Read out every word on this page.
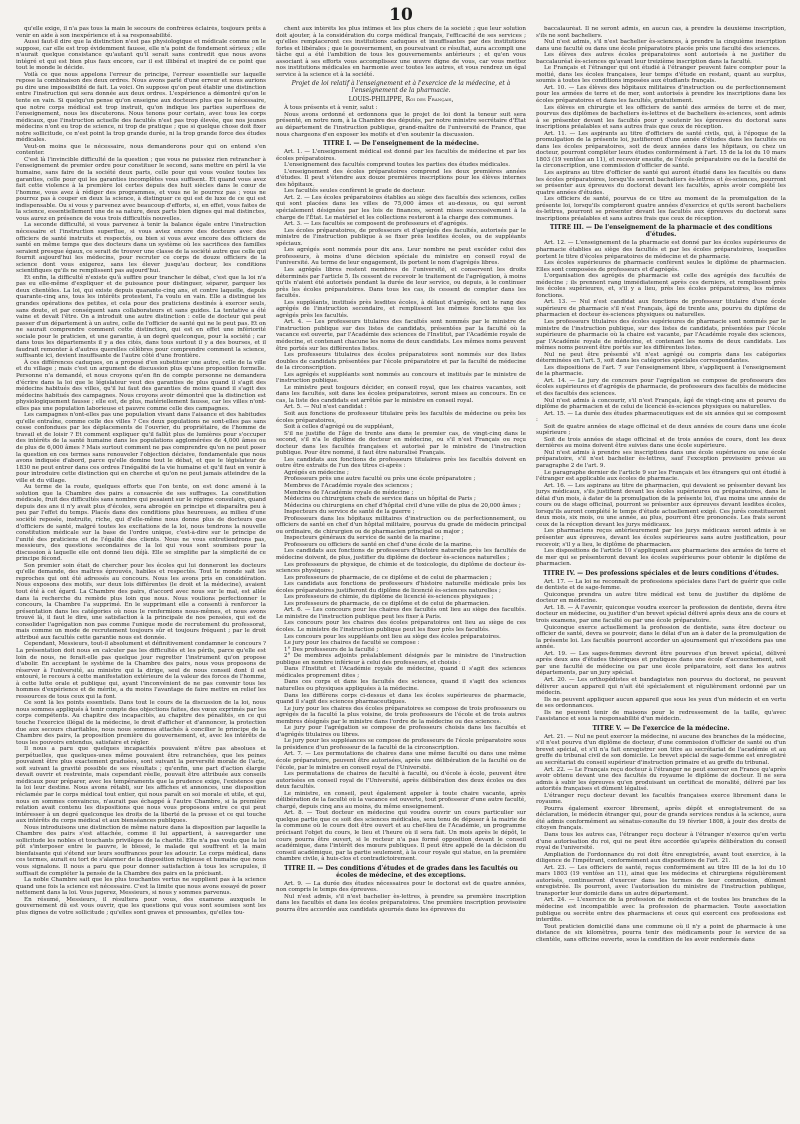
10

qu'elle exige, il n'a pas tous la main le secours de confrères éclairés, toujours prêts à venir en aide à son inexpérience et à sa responsabilité.

Aussi faut-il dire que la distinction n'est pas physiologique et médicale comme on le suppose, car elle est trop évidemment fausse, elle n'a point de fondement sérieux ; elle n'aurait quelque consistance qu'autant qu'il serait sans contredit que nous avons intégré et qui est bien plus faux encore, car il est illibéral et inspiré de ce point que tout le monde le décide.

Voilà ce que nous appelons l'erreur de principe, l'erreur essentielle sur laquelle repose la combinaison des deux ordres. Nous avons parlé d'une erreur et nous aurions pu dire une impossibilité de fait. La voici. On suppose qu'on peut établir une distinction entre l'instruction qui sera donnée aux deux ordres. L'expérience a démontré qu'on le tente en vain. Si quelqu'un pense qu'on enseigne aux docteurs plus que le nécessaire, que notre corps médical est trop instruit, qu'on indique les parties superflues de l'enseignement, nous les discuterons. Nous tenons pour certain, avec tous les corps médicaux, que l'instruction actuelle des facultés n'est pas trop élevée, que nos jeunes médecins n'ont eu trop de science, ni trop de pratique ; que si quelque chose doit fixer notre sollicitude, ce n'est point la trop grande durée, ni la trop grande force des études médicales.

Veut-on moins que le nécessaire, nous demanderons pour qui on entend s'en contenter.

C'est là l'invincible difficulté de la question ; que vous ne puissiez rien retrancher à l'enseignement de premier ordre pour constituer le second, sans mettre en péril la vie humaine, sans faire de la société deux parts, celle pour qui vous voulez toutes les garanties, celle pour qui les garanties incomplètes vous suffisent. Et quand vous avez fait cette violence à la première loi certes depuis des huit siècles dans le cœur de l'homme, vous avez à rédiger des programmes, et vous ne le pourrez pas ; vous ne pourrez pas à couper en deux la science, à distinguer ce qui est de luxe de ce qui est indispensable. Ou si vous y parvenez avec beaucoup d'efforts, si, en effet, vous faites de la science, essentiellement une de sa nature, deux parts bien dignes qui mal distinctes, vous aurez en présence de vous trois difficultés nouvelles.

La seconde difficulté, si vous parvenez à tenir la balance égale entre l'instruction nécessaire et l'instruction superflue, si vous aviez encore des docteurs avec des officiers de santé instruits et respectés, ou bien si vous avez encore des officiers de santé en même temps que des docteurs dans un système où les sacrifices des familles seraient presque égaux, ce serait de trouver une classe de la société autre que celle qui fournit aujourd'hui les médecins, pour recruter ce corps de douze officiers de la science dont vous exigerez, sans les élever jusqu'au docteur, les conditions scientifiques qu'ils ne remplissent pas aujourd'hui.

Et enfin, la difficulté n'existe qu'à suffire pour trancher le débat, c'est que la loi n'a pas eu elle-même d'expliquer et de puissance pour distinguer, séparer, parquer les deux clientèles. La loi, qui existe depuis quarante-cinq ans, et contre laquelle, depuis quarante-cinq ans, tous les intérêts protestent, l'a voulu en vain. Elle a distingué les grandes opérations des petites, et cela pour des praticiens destinés à exercer seuls, sans doute, et par conséquent sans collaborateurs et sans guides. La tentative a été vaine et devait l'être. On a introduit une autre distinction : celle de docteur qui peut passer d'un département à un autre, celle de l'officier de santé qui ne le peut pas. Et on ne saurait comprendre comment cette distinction, qui est en effet une infériorité sociale pour le praticien, et une garantie, à un degré quelconque, pour la société ; car dans tous les départements il y a des cités, dans tous surtout il y a des bourses, et il faudrait remonter à d'autres querelles célèbres pour comprendre comment la science, suffisante ici, devient insuffisante de l'autre côté d'une frontière.

À ces différences caduques, on a proposé d'en substituer une autre, celle de la ville et du village ; mais c'est un argument de discussion plus qu'une proposition formelle. Personne n'a demandé, et nous croyons qu'en fin de compte personne ne demandera d'écrire dans la loi que le législateur veut des garanties de plus quand il s'agit des médecins habitués des villes, qu'il lui faut des garanties de moins quand il s'agit des médecins habitués des campagnes. Nous croyons avoir démontré que la distinction est physiologiquement fausse ; elle est, de plus, matériellement fausse, car les villes n'ont-elles pas une population laborieuse et pauvre comme celle des campagnes.

Les campagnes n'ont-elles pas une population vivant dans l'aisance et des habitudes qu'elle entraîne, comme celle des villes ? Ces deux populations ne sont-elles pas sans cesse confondues par les déplacements de l'ouvrier, du propriétaire, de l'homme de travail et de loisir ? Et comment expliquer qu'il fallût plus de lumières pour s'occuper des intérêts de la santé humaine dans les populations agglomérées de 4,000 âmes ou de plus de 6,000 âmes ? Mais surtout comment ne pas comprendre qu'on ne peut poser la question en ces termes sans renouveler l'objection décisive, fondamentale que nous avons indiquée d'abord, parce qu'elle domine tout le débat, et que le législateur de 1830 ne peut entrer dans ces ordres l'inégalité de la vie humaine et qu'il faut en venir à pour introduire cette distinction qui en cherche et qu'on ne peut jamais atteindre de la ville et du village.

Au terme de la route, quelques efforts que l'on tente, on est donc amené à la solution que la Chambre des pairs a consacrée de ses suffrages. La constitution médicale, fruit des difficultés sans nombre qui pesaient sur le régime consulaire, quand depuis des ans il n'y avait plus d'écoles, sera abrogée en principe et disparaîtra peu à peu par l'effet du temps. Placés dans des conditions plus heureuses, au milieu d'une société reposée, instruite, riche, qui d'elle-même nous donne plus de docteurs que d'officiers de santé, malgré toutes les excitations de la loi, nous tendrons la nouvelle constitution médicale sur la base de l'ordre unique, c'est-à-dire sur le principe de l'unité des praticiens et de l'égalité des clients. Nous ne vous entretiendrons pas, messieurs, des questions secondaires de la loi qui vous sont soumises pour la discussion à laquelle elle ont donné lieu déjà. Elle se simplifie par la simplicité de ce principe fécond.

Son premier soin était de chercher pour les écoles qui lui donneront les docteurs qu'elle demande, des maîtres éprouvés, habiles et respectés. Tout le monde sait les reproches qui ont été adressés au concours. Nous les avons pris en considération. Nous exposons des motifs, sur deux lois différentes (le droit et la médecine), avaient tout été à cet égard. La Chambre des pairs, d'accord avec nous sur le mal, est allée dans la recherche du remède plus loin que nous. Nous voulions perfectionner le concours, la Chambre l'a supprimé. En le supprimant elle a consenti à renforcer la présentation dans les catégories où nous le renfermions nous-mêmes, et nous avons trouvé là, il faut le dire, une satisfaction à la principale de nos pensées, qui est de consolider l'agrégation non pas comme l'unique mode de recrutement du professorat, mais comme un mode de recrutement toujours sûr et toujours fréquent ; par le droit attribué aux facultés cette garantie nous est donnée.

Cependant, Messieurs, tout-il absolument et définitivement condamner le concours ? La présentation doit nous en calculer pas les difficultés et les périls, parce qu'elle est loin de nous, ne ferait-elle pas quelque jour regretter l'instrument qu'on propose d'abolir. En acceptant le système de la Chambre des pairs, nous vous proposons de réserver à l'université, au ministre qui la dirige, seul de nous conseil dont il est entouré, le recours à cette manifestation extérieure de la valeur des forces de l'homme, à cette lutte orale et publique qui, ayant l'inconvénient de ne pas convenir tous les hommes d'expérience et de mérite, a du moins l'avantage de faire mettre en relief les ressources de tous ceux qui la font.

Ce sont là les points essentiels. Dans tout le cours de la discussion de la loi, nous nous sommes appliqués à tenir compte des objections faites, des vœux exprimés par les corps compétents. Au chapitre des incapacités, au chapitre des pénalités, en ce qui touche l'exercice illégal de la médecine, le droit d'afficher et d'annoncer, la protection due aux secours charitables, nous nous sommes attachés à concilier le principe de la Chambre des pairs, la proposition première du gouvernement, et, avec les intérêts de tous les pouvoirs entendus, satisfaire et régler.

Il nous a paru que quelques incapacités pouvaient n'être pas absolues et perpétuelles, que quelques-unes même pouvaient être retranchées, que les peines pouvaient être plus exactement graduées, sont suivant la perversité morale de l'acte, soit suivant la gravité possible de ses résultats ; qu'enfin, une part d'action élargie devait ouvrir et restreinte, mais cependant réelle, pouvait être attribuée aux conseils médicaux pour préparer, avec les tempéraments que la prudence exige, l'existence que la loi leur destine. Nous avons rétabli, sur les affiches et annonces, une disposition réclamée par le corps médical tout entier, qui nous paraît en soi morale et utile, et qui, nous en sommes convaincus, n'aurait pas échappé à l'autre Chambre, si la première relation avait contenu les dispositions que nous vous proposons entre ce qui peut intéresser à un degré quelconque les droits de la liberté de la presse et ce qui touche aux intérêts du corps médical et aux bienséances publiques.

Nous introduisons une distinction de même nature dans la disposition par laquelle la Chambre des pairs s'est attachée, comme il lui appartient, à sauvegarder une sollicitude les nobles et touchants privilèges de la charité. Elle n'a pas voulu que la loi pût s'interposer entre le pauvre, le blessé, le malade qui souffrent et la main bienfaisante qui s'étend sur leurs souffrances pour les adoucir. Le corps médical, dans ces termes, aurait eu tort de s'alarmer de la disposition religieuse et humaine que nous vous signalons. Il nous a paru que pour donner satisfaction à tous les scrupules, il suffisait de compléter la pensée de la Chambre des pairs en la précisant.

La noble Chambre sait que les plus touchantes vertus ne supplient pas à la science quand une fois la science est nécessaire. C'est la limite que nous avons essayé de poser nettement dans la loi. Vous jugerez, Messieurs, si nous y sommes parvenus.

En résumé, Messieurs, il résultera pour vous, des examens auxquels le gouvernement dû est vous ouvrir, que les questions qui vous sont soumises sont les plus dignes de votre sollicitude ; qu'elles sont graves et pressantes, qu'elles tou-

chent aux intérêts les plus intimes et les plus chers de la société ; que leur solution doit ajouter, à la considération du corps médical français, l'efficacité de ses services ; qu'elles remplaceront ces institutions caduques et insuffisantes par des institutions fortes et libérales ; que le gouvernement, en poursuivant ce résultat, aura accompli une tâche qui a été l'ambition de tous les gouvernements antérieurs ; et qu'en vous associant à ses efforts vous accomplissez une œuvre digne de vous, car vous mettez nos institutions médicales en harmonie avec toutes les autres, et vous rendrez un égal service à la science et à la société.

Projet de loi relatif à l'enseignement et à l'exercice de la médecine, et à l'enseignement de la pharmacie.
LOUIS-PHILIPPE, Roi des Français,

À tous présents et à venir, salut :

Nous avons ordonné et ordonnons que le projet de loi dont la teneur suit sera présenté, en notre nom, à la Chambre des députés, par notre ministre secrétaire d'État au département de l'instruction publique, grand-maître de l'université de France, que nous chargeons d'en exposer les motifs et d'en soutenir la discussion.

TITRE I. — De l'enseignement de la médecine.

Art. 1. — L'enseignement médical est donné par les facultés de médecine et par les écoles préparatoires.

L'enseignement des facultés comprend toutes les parties des études médicales.

L'enseignement des écoles préparatoires comprend les deux premières années d'études. Il peut s'étendre aux douze premières inscriptions pour les élèves internes des hôpitaux.

Les facultés seules confèrent le grade de docteur.

Art. 2. — Les écoles préparatoires établies au siège des facultés des sciences, celles qui sont placées dans les villes de 75,000 âmes et au-dessus, ou qui seront spécialement désignées par les lois de finances, seront mises successivement à la charge de l'État. Le matériel et les collections resteront à la charge des communes.

Art. 3. — Les facultés se composent de professeurs et d'agrégés.

Les écoles préparatoires, de professeurs et d'agrégés des facultés, autorisés par le ministre de l'instruction publique à se fixer près lesdites écoles, ou de suppléants spéciaux.

Les agrégés sont nommés pour dix ans. Leur nombre ne peut excéder celui des professeurs, à moins d'une décision spéciale du ministre en conseil royal de l'université. Au terme de leur engagement, ils portent le nom d'agrégés libres.

Les agrégés libres restent membres de l'université, et conservent les droits déterminés par l'article 5. Ils cessent de recevoir le traitement de l'agrégation, à moins qu'ils n'aient été autorisés pendant la durée de leur service, ou depuis, à le continuer près les écoles préparatoires. Dans tous les cas, ils cessent de compter dans les facultés.

Les suppléants, institués près lesdites écoles, à défaut d'agrégés, ont le rang des agrégés de l'instruction secondaire, et remplissent les mêmes fonctions que les agrégés près les facultés.

Art. 4. — Les professeurs titulaires des facultés sont nommés par le ministre de l'instruction publique sur des listes de candidats, présentées par la faculté où la vacance est ouverte, par l'Académie des sciences de l'Institut, par l'Académie royale de médecine, et contenant chacune les noms de deux candidats. Les mêmes noms peuvent être portés sur les différentes listes.

Les professeurs titulaires des écoles préparatoires sont nommés sur des listes doubles de candidats présentées par l'école préparatoire et par la faculté de médecine de la circonscription.

Les agrégés et suppléants sont nommés au concours et institués par le ministre de l'instruction publique.

Le ministre peut toujours décider, en conseil royal, que les chaires vacantes, soit dans les facultés, soit dans les écoles préparatoires, seront mises au concours. En ce cas, la liste des candidats est arrêtée par le ministre en conseil royal.

Art. 5. — Nul n'est candidat :

Soit aux fonctions de professeur titulaire près les facultés de médecine ou près les écoles préparatoires,

Soit à celles d'agrégé ou de suppléant,

S'il ne justifie de l'âge de trente ans dans le premier cas, de vingt-cinq dans le second, s'il n'a le diplôme de docteur en médecine, ou s'il n'est Français ou reçu docteur dans les facultés françaises et autorisé par le ministre de l'instruction publique. Pour être nommé, il faut être naturalisé Français.

Les candidats aux fonctions de professeurs titulaires près les facultés doivent en outre être extraits de l'un des titres ci-après :

Agrégés en médecine ;

Professeurs près une autre faculté ou près une école préparatoire ;

Membres de l'Académie royale des sciences ;

Membres de l'Académie royale de médecine ;

Médecins ou chirurgiens chefs de service dans un hôpital de Paris ;

Médecins ou chirurgiens en chef d'hôpital civil d'une ville de plus de 20,000 âmes ;

Inspecteurs du service de santé de la guerre ;

Professeurs dans les hôpitaux militaires d'instruction ou de perfectionnement, ou officiers de santé en chef d'un hôpital militaire, pourvus du grade de médecin principal ou ordinaire, de chirurgien ou de pharmacien principal ou major ;

Inspecteurs généraux du service de santé de la marine ;

Professeurs ou officiers de santé en chef d'une école de la marine.

Les candidats aux fonctions de professeurs d'histoire naturelle près les facultés de médecine doivent, de plus, justifier du diplôme de docteur ès-sciences naturelles ;

Les professeurs de physique, de chimie et de toxicologie, du diplôme de docteur ès-sciences physiques ;

Les professeurs de pharmacie, de ce diplôme et de celui de pharmacien ;

Les candidats aux fonctions de professeurs d'histoire naturelle médicale près les écoles préparatoires justifieront du diplôme de licencié ès-sciences naturelles ;

Les professeurs de chimie, du diplôme de licencié ès-sciences physiques ;

Les professeurs de pharmacie, de ce diplôme et de celui de pharmacien.

Art. 6. — Les concours pour les chaires des facultés ont lieu au siège des facultés. Le ministre de l'instruction publique peut les fixer à Paris.

Les concours pour les chaires des écoles préparatoires ont lieu au siège de ces écoles. Le ministre de l'instruction publique peut les fixer près les facultés.

Les concours pour les suppléants ont lieu au siège des écoles préparatoires.

Le jury pour les chaires de faculté se compose :

1° Des professeurs de la faculté ;

2° De membres adjoints préalablement désignés par le ministre de l'instruction publique en nombre inférieur à celui des professeurs, et choisis :

Dans l'Institut et l'Académie royale de médecine, quand il s'agit des sciences médicales proprement dites ;

Dans ces corps et dans les facultés des sciences, quand il s'agit des sciences naturelles ou physiques appliquées à la médecine.

Dans les différens corps ci-dessus et dans les écoles supérieures de pharmacie, quand il s'agit des sciences pharmaceutiques.

Le jury pour les chaires des écoles préparatoires se compose de trois professeurs ou agrégés de la faculté la plus voisine, de trois professeurs de l'école et de trois autres membres désignés par le ministre dans l'ordre de la médecine ou des sciences.

Le jury pour l'agrégation se compose de professeurs choisis dans les facultés et d'agrégés titulaires ou libres.

Le jury pour les suppléances se compose de professeurs de l'école préparatoire sous la présidence d'un professeur de la faculté de la circonscription.

Art. 7. — Les permutations de chaires dans une même faculté ou dans une même école préparatoire, peuvent être autorisées, après une délibération de la faculté ou de l'école, par le ministre en conseil royal de l'Université.

Les permutations de chaires de faculté à faculté, ou d'école à école, peuvent être autorisées en conseil royal de l'Université, après délibération des deux écoles ou des deux facultés.

Le ministre, en conseil, peut également appeler à toute chaire vacante, après délibération de la faculté où la vacance est ouverte, tout professeur d'une autre faculté, chargé, depuis cinq ans au moins, du même enseignement.

Art. 8. — Tout docteur en médecine qui voudra ouvrir un cours particulier sur quelque partie que ce soit des sciences médicales, sera tenu de déposer à la mairie de la commune où le cours doit être ouvert et au chef-lieu de l'Académie, un programme précisant l'objet du cours, le lieu et l'heure où il sera fait. Un mois après le dépôt, le cours pourra être ouvert, si le recteur n'a pas formé opposition devant le conseil académique, dans l'intérêt des mœurs publiques. Il peut être appelé de la décision du conseil académique, par la partie seulement, à la cour royale qui statue, en la première chambre civile, à huis-clos et contradictoirement.

TITRE II. — Des conditions d'études et de grades dans les facultés ou écoles de médecine, et des exceptions.

Art. 9. — La durée des études nécessaires pour le doctorat est de quatre années, non compris le temps des épreuves.

Nul n'est admis, s'il n'est bachelier ès-lettres, à prendre sa première inscription dans les facultés et dans les écoles préparatoires. Une première inscription provisoire pourra être accordée aux candidats ajournés dans les épreuves du

baccalauréat. Il ne seront admis, en aucun cas, à prendre la deuxième inscription, s'ils ne sont bacheliers.

Nul n'est admis, s'il n'est bachelier ès-sciences, à prendre la cinquième inscription dans une faculté ou dans une école préparatoire placée près une faculté des sciences.

Les élèves des autres écoles préparatoires sont autorisés à ne justifier du baccalauréat ès-sciences qu'avant leur treizième inscription dans la faculté.

Le Français et l'étranger qui ont étudié à l'étranger peuvent faire compter pour la moitié, dans les écoles françaises, leur temps d'étude en restant, quant au surplus, soumis à toutes les conditions imposées aux étudiants français.

Art. 10. — Les élèves des hôpitaux militaires d'instruction ou de perfectionnement pour les armées de terre et de mer, sont autorisés à prendre les inscriptions dans les écoles préparatoires et dans les facultés, gratuitement.

Les élèves en chirurgie et les officiers de santé des armées de terre et de mer, pourvus des diplômes de bacheliers ès-lettres et de bacheliers ès-sciences, sont admis à se présenter devant les facultés pour y soutenir les épreuves du doctorat sans inscriptions préalables et sans autres frais que ceux de réception.

Art. 11. — Les aspirants au titre d'officiers de santé civils, qui, à l'époque de la promulgation de la présente loi, justifieront d'une année d'études dans les facultés ou dans les écoles préparatoires, soit de deux années dans les hôpitaux, ou chez un docteur, pourront compléter leurs études conformément à l'art. 15 de la loi du 10 mars 1803 (19 ventôse an 11), et recevoir ensuite, de l'école préparatoire ou de la faculté de la circonscription, une commission d'officier de santé.

Les aspirans au titre d'officier de santé qui auront étudié dans les facultés ou dans les écoles préparatoires, lorsqu'ils seront bacheliers ès-lettres et ès-sciences, pourront se présenter aux épreuves du doctorat devant les facultés, après avoir complété les quatre années d'études.

Les officiers de santé, pourvus de ce titre au moment de la promulgation de la présente loi, lorsqu'ils compteront quatre années d'exercice et qu'ils seront bacheliers ès-lettres, pourront se présenter devant les facultés aux épreuves du doctorat sans inscriptions préalables et sans autres frais que ceux de réception.

TITRE III. — De l'enseignement de la pharmacie et des conditions d'études.

Art. 12. — L'enseignement de la pharmacie est donné par les écoles supérieures de pharmacie établies au siège des facultés et par les écoles préparatoires, lesquelles portent le titre d'écoles préparatoires de médecine et de pharmacie.

Les écoles supérieures de pharmacie confèrent seules le diplôme de pharmacien. Elles sont composées de professeurs et d'agrégés.

L'organisation des agrégés de pharmacie est celle des agrégés des facultés de médecine ; ils prennent rang immédiatement après ces derniers, et remplissent près les écoles supérieures, et, s'il y a lieu, près les écoles préparatoires, les mêmes fonctions.

Art. 13. — Nul n'est candidat aux fonctions de professeur titulaire d'une école supérieure de pharmacie s'il n'est Français, âgé de trente ans, pourvu du diplôme de pharmacien et docteur ès-sciences physiques ou naturelles.

Les professeurs titulaires des écoles supérieures de pharmacie sont nommés par le ministre de l'instruction publique, sur des listes de candidats, présentées par l'école supérieure de pharmacie où la chaire est vacante, par l'Académie royale des sciences, par l'Académie royale de médecine, et contenant les noms de deux candidats. Les mêmes noms peuvent être portés sur les différentes listes.

Nul ne peut être présenté s'il n'est agrégé ou compris dans les catégories déterminées en l'art. 5, soit dans les catégories spéciales correspondantes.

Les dispositions de l'art. 7 sur l'enseignement libre, s'appliquent à l'enseignement de la pharmacie.

Art. 14. — Le jury de concours pour l'agrégation se compose de professeurs des écoles supérieures et d'agrégés de pharmacie, de professeurs des facultés de médecine et des facultés des sciences.

Nul n'est admis à concourir, s'il n'est Français, âgé de vingt-cinq ans et pourvu du diplôme de pharmacien et de celui de licencié ès-sciences physiques ou naturelles.

Art. 15. — La durée des études pharmaceutiques est de six années qui se composent :

Soit de quatre années de stage officinal et de deux années de cours dans une école supérieure ;

Soit de trois années de stage officinal et de trois années de cours, dont les deux dernières au moins doivent être suivies dans une école supérieure.

Nul n'est admis à prendre ses inscriptions dans une école supérieure ou une école préparatoire, s'il n'est bachelier ès-lettres, sauf l'exception provisoire prévue au paragraphe 2 de l'art. 9.

Le paragraphe dernier de l'article 9 sur les Français et les étrangers qui ont étudié à l'étranger est applicable aux écoles de pharmacie.

Art. 16. — Les aspirans au titre de pharmacien, qui devaient se présenter devant les jurys médicaux, s'ils justifient devant les écoles supérieures ou préparatoires, dans le délai d'un mois, à dater de la promulgation de la présente loi, d'au moins une année de cours ou de stage officinal, pourront se présenter aux épreuves devant lesdites écoles, lorsqu'ils auront complété le temps d'étude actuellement exigé. Ces jurés constitueront deux mois, six mois, ou une année, au plus, pourront être prononcés. Les frais seront ceux de la réception devant les jurys médicaux.

Les pharmaciens reçus antérieurement par les jurys médicaux seront admis à se présenter aux épreuves, devant les écoles supérieures sans autre justification, pour recevoir, s'il y a lieu, le diplôme de pharmacien.

Les dispositions de l'article 10 s'appliquent aux pharmaciens des armées de terre et de mer qui se présenteront devant les écoles supérieures pour obtenir le diplôme de pharmacien.

TITRE IV. — Des professions spéciales et de leurs conditions d'études.

Art. 17. — La loi ne reconnaît de professions spéciales dans l'art de guérir que celle de dentiste et de sage-femme.

Quiconque prendra un autre titre médical est tenu de justifier du diplôme de docteur en médecine.

Art. 18. — À l'avenir, quiconque voudra exercer la profession de dentiste, devra être docteur en médecine, ou justifier d'un brevet spécial délivré après deux ans de cours et trois examens, par une faculté ou par une école préparatoire.

Quiconque exerce actuellement la profession de dentiste, sans être docteur ou officier de santé, devra se pourvoir, dans le délai d'un an à dater de la promulgation de la présente loi. Les facultés pourront accorder un ajournement qui n'excédera pas une année.

Art. 19. — Les sages-femmes devront être pourvues d'un brevet spécial, délivré après deux ans d'études théoriques et pratiques dans une école d'accouchement, soit par une faculté de médecine ou par une école préparatoire, soit dans les autres départements, par un jury spécial.

Art. 20. — Les orthopédistes et bandagistes non pourvus du doctorat, ne peuvent délivrer aucun appareil qui n'ait été spécialement et régulièrement ordonné par un médecin.

Ils ne peuvent appliquer aucun appareil que sous les yeux d'un médecin et en vertu de ses ordonnances.

Ils ne peuvent tenir de maisons pour le redressement de la taille, qu'avec l'assistance et sous la responsabilité d'un médecin.

TITRE V. — De l'exercice de la médecine.

Art. 21. — Nul ne peut exercer la médecine, ni aucune des branches de la médecine, s'il n'est pourvu d'un diplôme de docteur, d'une commission d'officier de santé ou d'un brevet spécial, et s'il n'a fait enregistrer son titre au secrétariat de l'académie et au greffe du tribunal civil de son domicile. Le brevet spécial de sage-femme est enregistré au secrétariat du conseil supérieur d'instruction primaire et au greffe du tribunal.

Art. 22. — Le Français reçu docteur à l'étranger ne peut exercer en France qu'après avoir obtenu devant une des facultés du royaume le diplôme de docteur. Il ne sera admis à subir les épreuves qu'en produisant un certificat de moralité, délivré par les autorités françaises et dûment légalisé.

L'étranger reçu docteur devant les facultés françaises exerce librement dans le royaume.

Pourra également exercer librement, après dépôt et enregistrement de sa déclaration, le médecin étranger qui, pour de grands services rendus à la science, aura été admis conformément au sénatus-consulte du 19 février 1808, à jouir des droits de citoyen français.

Dans tous les autres cas, l'étranger reçu docteur à l'étranger n'exerce qu'en vertu d'une autorisation du roi, qui ne peut être accordée qu'après délibération du conseil royal de l'université.

Ampliation de l'ordonnance du roi doit être enregistrée, avant tout exercice, à la diligence de l'impétrant, conformément aux dispositions de l'art. 21.

Art. 23. — Les officiers de santé, reçus conformément au titre III de la loi du 10 mars 1803 (19 ventôse an 11), ainsi que les médecins et chirurgiens régulièrement autorisés, continueront d'exercer dans les termes de leur commission, dûment enregistrée. Ils pourront, avec l'autorisation du ministre de l'instruction publique, transporter leur domicile dans un autre département.

Art. 24. — L'exercice de la profession de médecin et de toutes les branches de la médecine est incompatible avec la profession de pharmacien. Toute association publique ou secrète entre des pharmaciens et ceux qui exercent ces professions est interdite.

Tout praticien domicilié dans une commune où il n'y a point de pharmacie à une distance de six kilomètres, pourra tenir des médicaments pour le service de sa clientèle, sans officine ouverte, sous la condition de les avoir renfermés dans
